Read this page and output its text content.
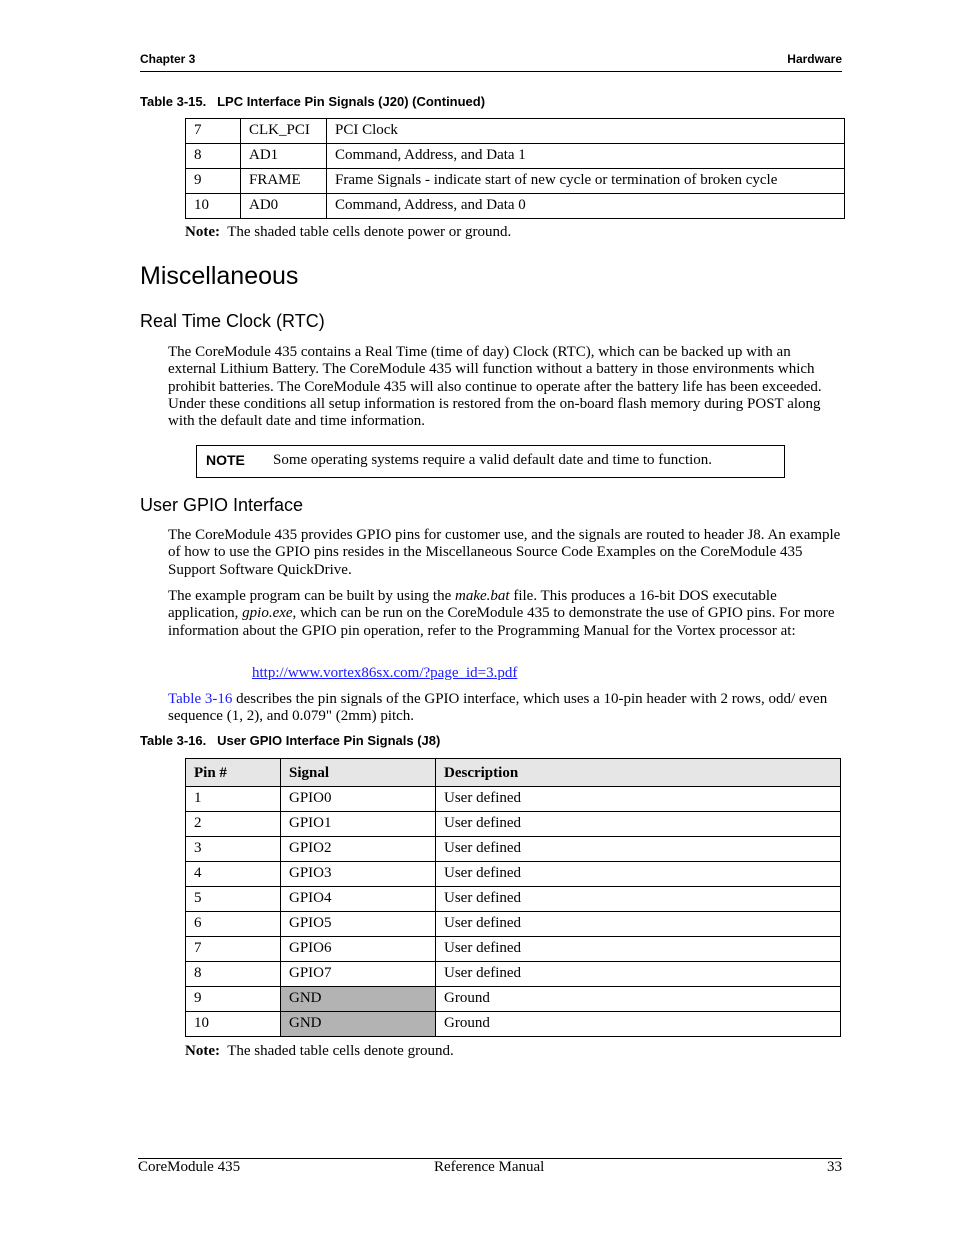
Chapter 3	Hardware
Table 3-15. LPC Interface Pin Signals (J20) (Continued)
7	CLK_PCI	PCI Clock
8	AD1	Command, Address, and Data 1
9	FRAME	Frame Signals - indicate start of new cycle or termination of broken cycle
10	AD0	Command, Address, and Data 0
Note: The shaded table cells denote power or ground.
Miscellaneous
Real Time Clock (RTC)

The CoreModule 435 contains a Real Time (time of day) Clock (RTC), which can be backed up with an external Lithium Battery. The CoreModule 435 will function without a battery in those environments which prohibit batteries. The CoreModule 435 will also continue to operate after the battery life has been exceeded. Under these conditions all setup information is restored from the on-board flash memory during POST along with the default date and time information.

NOTE Some operating systems require a valid default date and time to function.
User GPIO Interface

The CoreModule 435 provides GPIO pins for customer use, and the signals are routed to header J8. An example of how to use the GPIO pins resides in the Miscellaneous Source Code Examples on the CoreModule 435 Support Software QuickDrive.

The example program can be built by using the make.bat file. This produces a 16-bit DOS executable application, gpio.exe, which can be run on the CoreModule 435 to demonstrate the use of GPIO pins. For more information about the GPIO pin operation, refer to the Programming Manual for the Vortex processor at:

http://www.vortex86sx.com/?page_id=3.pdf

Table 3-16 describes the pin signals of the GPIO interface, which uses a 10-pin header with 2 rows, odd/ even sequence (1, 2), and 0.079" (2mm) pitch.

Table 3-16. User GPIO Interface Pin Signals (J8)
Pin #	Signal	Description
1	GPIO0	User defined
2	GPIO1	User defined
3	GPIO2	User defined
4	GPIO3	User defined
5	GPIO4	User defined
6	GPIO5	User defined
7	GPIO6	User defined
8	GPIO7	User defined
9	GND	Ground
10	GND	Ground
Note: The shaded table cells denote ground.
CoreModule 435	Reference Manual	33
